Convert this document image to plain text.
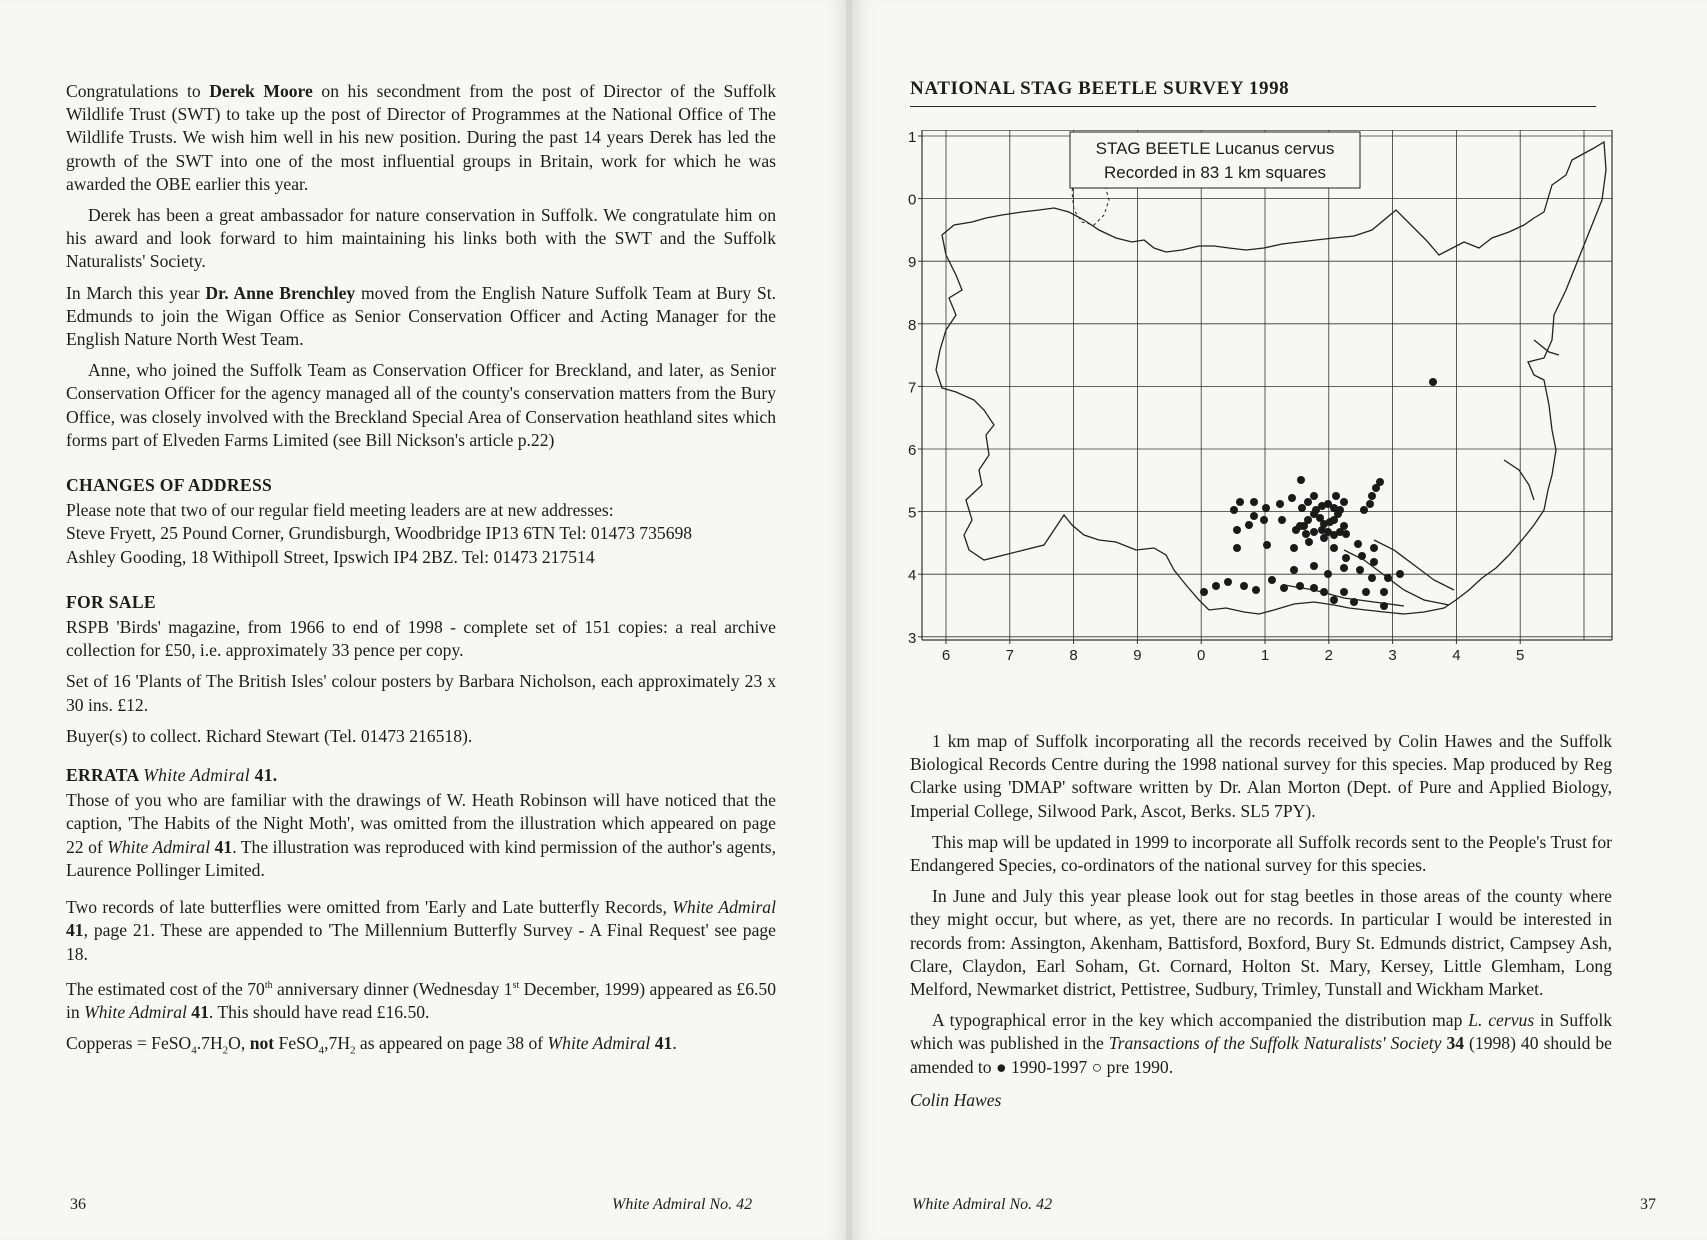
Congratulations to Derek Moore on his secondment from the post of Director of the Suffolk Wildlife Trust (SWT) to take up the post of Director of Programmes at the National Office of The Wildlife Trusts. We wish him well in his new position. During the past 14 years Derek has led the growth of the SWT into one of the most influential groups in Britain, work for which he was awarded the OBE earlier this year.

Derek has been a great ambassador for nature conservation in Suffolk. We congratulate him on his award and look forward to him maintaining his links both with the SWT and the Suffolk Naturalists' Society.

In March this year Dr. Anne Brenchley moved from the English Nature Suffolk Team at Bury St. Edmunds to join the Wigan Office as Senior Conservation Officer and Acting Manager for the English Nature North West Team.

Anne, who joined the Suffolk Team as Conservation Officer for Breckland, and later, as Senior Conservation Officer for the agency managed all of the county's conservation matters from the Bury Office, was closely involved with the Breckland Special Area of Conservation heathland sites which forms part of Elveden Farms Limited (see Bill Nickson's article p.22)

CHANGES OF ADDRESS

Please note that two of our regular field meeting leaders are at new addresses:

Steve Fryett, 25 Pound Corner, Grundisburgh, Woodbridge IP13 6TN Tel: 01473 735698

Ashley Gooding, 18 Withipoll Street, Ipswich IP4 2BZ. Tel: 01473 217514

FOR SALE

RSPB 'Birds' magazine, from 1966 to end of 1998 - complete set of 151 copies: a real archive collection for £50, i.e. approximately 33 pence per copy.

Set of 16 'Plants of The British Isles' colour posters by Barbara Nicholson, each approximately 23 x 30 ins. £12.

Buyer(s) to collect. Richard Stewart (Tel. 01473 216518).

ERRATA White Admiral 41.

Those of you who are familiar with the drawings of W. Heath Robinson will have noticed that the caption, 'The Habits of the Night Moth', was omitted from the illustration which appeared on page 22 of White Admiral 41. The illustration was reproduced with kind permission of the author's agents, Laurence Pollinger Limited.

Two records of late butterflies were omitted from 'Early and Late butterfly Records, White Admiral 41, page 21. These are appended to 'The Millennium Butterfly Survey - A Final Request' see page 18.

The estimated cost of the 70th anniversary dinner (Wednesday 1st December, 1999) appeared as £6.50 in White Admiral 41. This should have read £16.50.

Copperas = $FeSO_4.7H_2O$, not $FeSO_4,7H_2$ as appeared on page 38 of White Admiral 41.

36	White Admiral No. 42
NATIONAL STAG BEETLE SURVEY 1998
1
0
9
8
7
6
5
4
3
6	7	8	9	0	1	2	3	4	5
STAG BEETLE Lucanus cervus
Recorded in 83 1 km squares

1 km map of Suffolk incorporating all the records received by Colin Hawes and the Suffolk Biological Records Centre during the 1998 national survey for this species. Map produced by Reg Clarke using 'DMAP' software written by Dr. Alan Morton (Dept. of Pure and Applied Biology, Imperial College, Silwood Park, Ascot, Berks. SL5 7PY).

This map will be updated in 1999 to incorporate all Suffolk records sent to the People's Trust for Endangered Species, co-ordinators of the national survey for this species.

In June and July this year please look out for stag beetles in those areas of the county where they might occur, but where, as yet, there are no records. In particular I would be interested in records from: Assington, Akenham, Battisford, Boxford, Bury St. Edmunds district, Campsey Ash, Clare, Claydon, Earl Soham, Gt. Cornard, Holton St. Mary, Kersey, Little Glemham, Long Melford, Newmarket district, Pettistree, Sudbury, Trimley, Tunstall and Wickham Market.

A typographical error in the key which accompanied the distribution map L. cervus in Suffolk which was published in the Transactions of the Suffolk Naturalists' Society 34 (1998) 40 should be amended to ● 1990-1997 ○ pre 1990.

Colin Hawes

White Admiral No. 42	37
